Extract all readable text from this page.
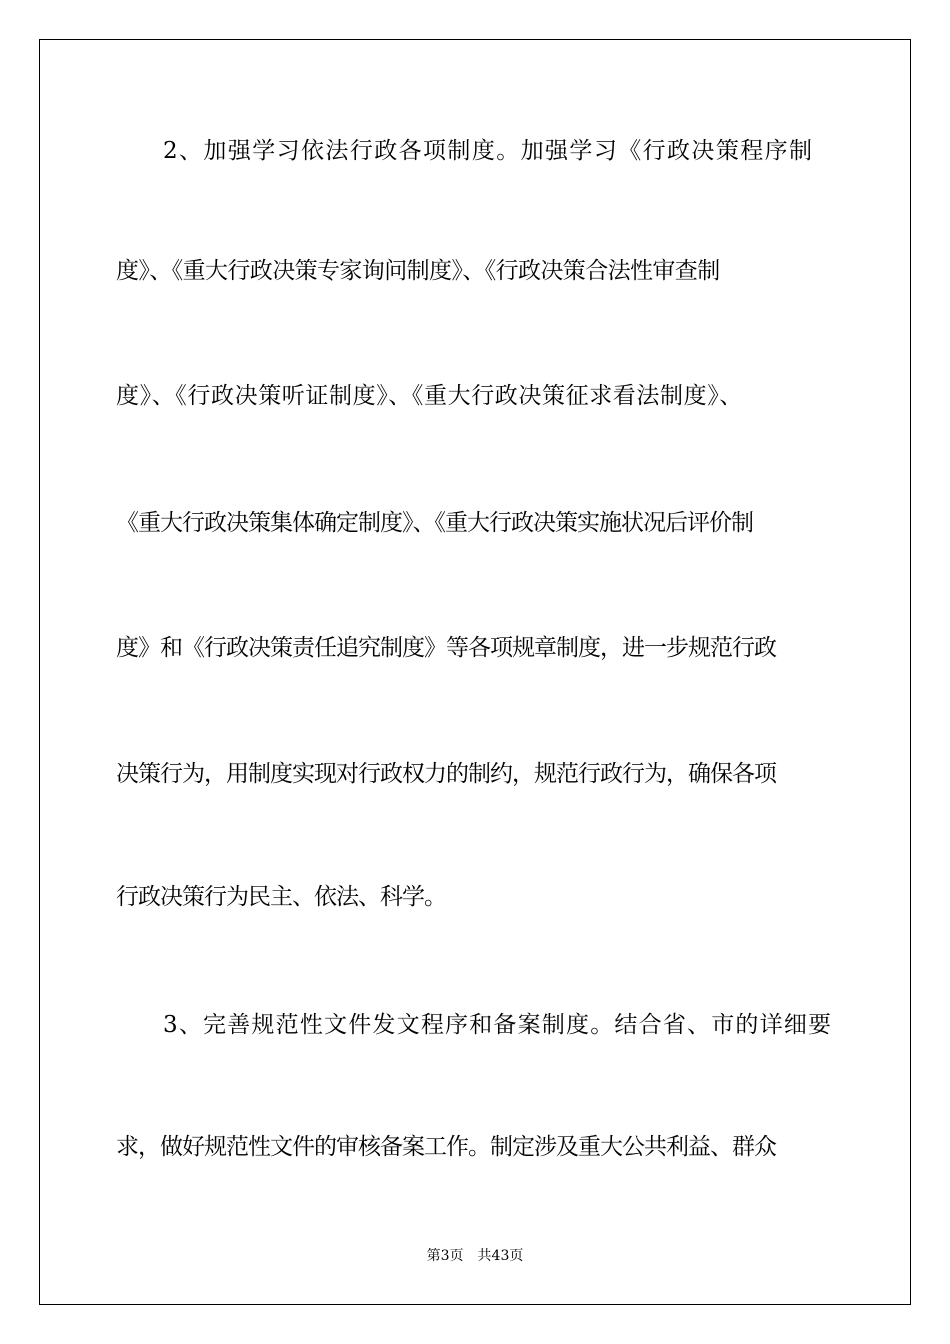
2、加强学习依法行政各项制度。加强学习《行政决策程序制
度》、《重大行政决策专家询问制度》、《行政决策合法性审查制
度》、《行政决策听证制度》、《重大行政决策征求看法制度》、
《重大行政决策集体确定制度》、《重大行政决策实施状况后评价制
度》和《行政决策责任追究制度》等各项规章制度，进一步规范行政
决策行为，用制度实现对行政权力的制约，规范行政行为，确保各项
行政决策行为民主、依法、科学。
3、完善规范性文件发文程序和备案制度。结合省、市的详细要
求，做好规范性文件的审核备案工作。制定涉及重大公共利益、群众
第3页　共43页
